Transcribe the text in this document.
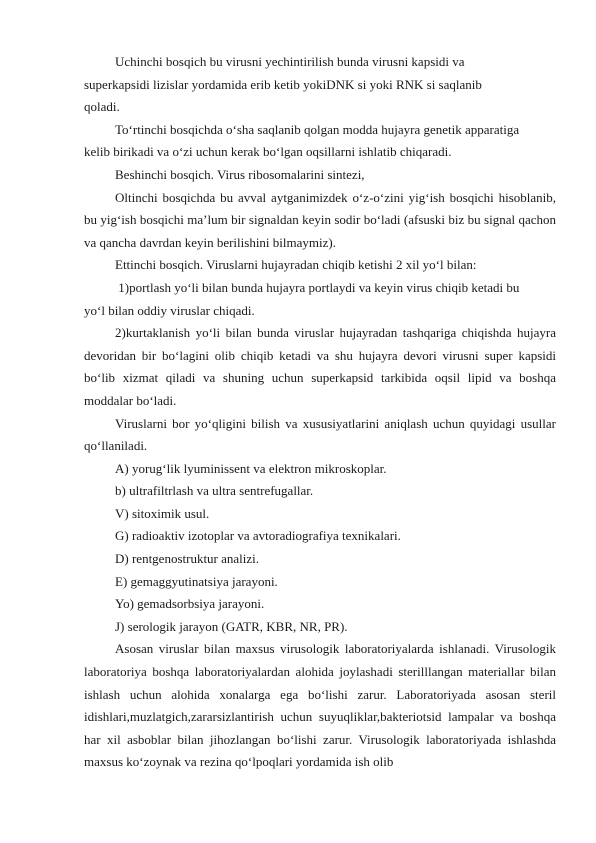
Uchinchi bosqich bu virusni yechintirilish bunda virusni kapsidi va
superkapsidi lizislar yordamida erib ketib yokiDNK si yoki RNK si saqlanib
qoladi.

To‘rtinchi bosqichda o‘sha saqlanib qolgan modda hujayra genetik apparatiga
kelib birikadi va o‘zi uchun kerak bo‘lgan oqsillarni ishlatib chiqaradi.

Beshinchi bosqich. Virus ribosomalarini sintezi,

Oltinchi bosqichda bu avval aytganimizdek o‘z-o‘zini yig‘ish bosqichi hisoblanib, bu yig‘ish bosqichi ma’lum bir signaldan keyin sodir bo‘ladi (afsuski biz bu signal qachon va qancha davrdan keyin berilishini bilmaymiz).

Ettinchi bosqich. Viruslarni hujayradan chiqib ketishi 2 xil yo‘l bilan:

1)portlash yo‘li bilan bunda hujayra portlaydi va keyin virus chiqib ketadi bu
yo‘l bilan oddiy viruslar chiqadi.

2)kurtaklanish yo‘li bilan bunda viruslar hujayradan tashqariga chiqishda hujayra devoridan bir bo‘lagini olib chiqib ketadi va shu hujayra devori virusni super kapsidi bo‘lib xizmat qiladi va shuning uchun superkapsid tarkibida oqsil lipid va boshqa moddalar bo‘ladi.

Viruslarni bor yo‘qligini bilish va xususiyatlarini aniqlash uchun quyidagi usullar qo‘llaniladi.

A) yorug‘lik lyuminissent va elektron mikroskoplar.

b) ultrafiltrlash va ultra sentrefugallar.

V) sitoximik usul.

G) radioaktiv izotoplar va avtoradiografiya texnikalari.

D) rentgenostruktur analizi.

E) gemaggyutinatsiya jarayoni.

Yo) gemadsorbsiya jarayoni.

J) serologik jarayon (GATR, KBR, NR, PR).

Asosan viruslar bilan maxsus virusologik laboratoriyalarda ishlanadi. Virusologik laboratoriya boshqa laboratoriyalardan alohida joylashadi sterilllangan materiallar bilan ishlash uchun alohida xonalarga ega bo‘lishi zarur. Laboratoriyada asosan steril idishlari,muzlatgich,zararsizlantirish uchun suyuqliklar,bakteriotsid lampalar va boshqa har xil asboblar bilan jihozlangan bo‘lishi zarur. Virusologik laboratoriyada ishlashda maxsus ko‘zoynak va rezina qo‘lpoqlari yordamida ish olib
